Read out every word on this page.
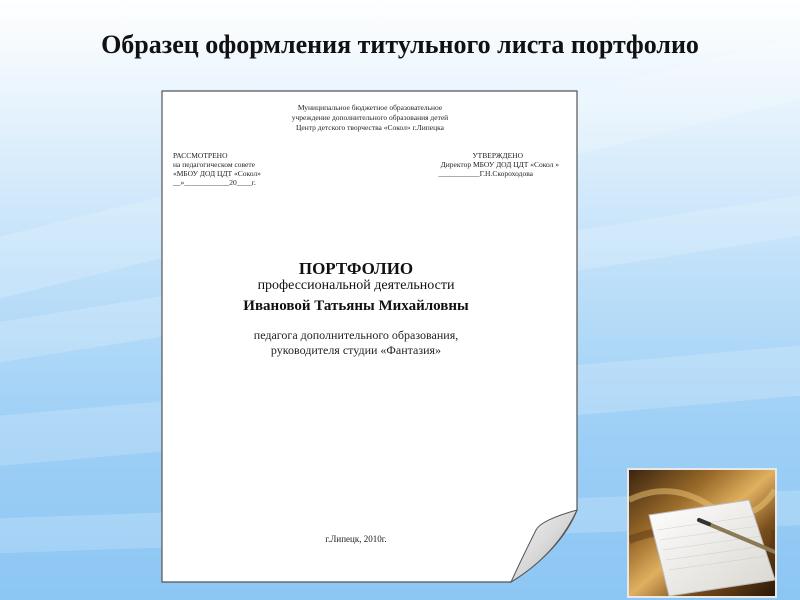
Образец оформления титульного листа портфолио
Муниципальное бюджетное образовательное
учреждение дополнительного образования детей
Центр детского творчества «Сокол» г.Липецка
РАССМОТРЕНО
на педагогическом совете
«МБОУ ДОД ЦДТ «Сокол»
__»____________20____г.
УТВЕРЖДЕНО
Директор МБОУ ДОД ЦДТ «Сокол »
___________Г.Н.Скороходова
ПОРТФОЛИО
профессиональной деятельности
Ивановой Татьяны Михайловны
педагога дополнительного образования,
руководителя студии «Фантазия»
г.Липецк, 2010г.
